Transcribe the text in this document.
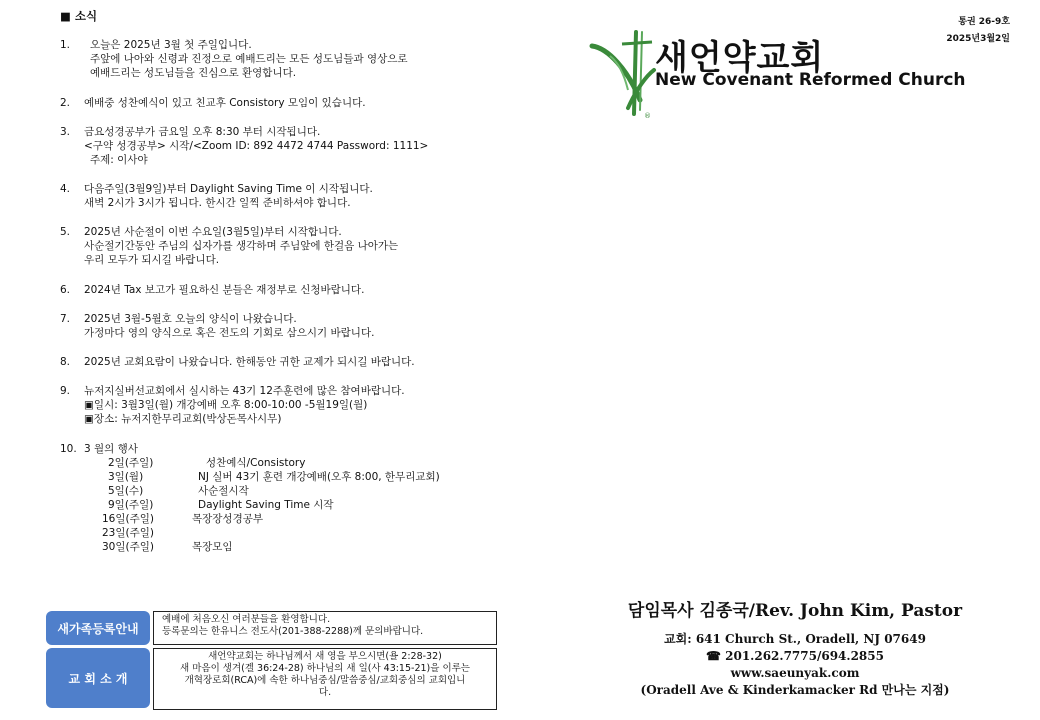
■ 소식
1. 오늘은 2025년 3월 첫 주일입니다.
주앞에 나아와 신령과 진정으로 예배드리는 모든 성도님들과 영상으로
예배드리는 성도님들을 진심으로 환영합니다.
2. 예배중 성찬예식이 있고 친교후 Consistory 모임이 있습니다.
3. 금요성경공부가 금요일 오후 8:30 부터 시작됩니다.
<구약 성경공부> 시작/<Zoom ID: 892 4472 4744 Password: 1111>
주제: 이사야
4. 다음주일(3월9일)부터 Daylight Saving Time 이 시작됩니다.
새벽 2시가 3시가 됩니다. 한시간 일찍 준비하셔야 합니다.
5. 2025년 사순절이 이번 수요일(3월5일)부터 시작합니다.
사순절기간동안 주님의 십자가를 생각하며 주님앞에 한걸음 나아가는
우리 모두가 되시길 바랍니다.
6. 2024년 Tax 보고가 필요하신 분들은 재정부로 신청바랍니다.
7. 2025년 3월-5월호 오늘의 양식이 나왔습니다.
가정마다 영의 양식으로 혹은 전도의 기회로 삼으시기 바랍니다.
8. 2025년 교회요람이 나왔습니다. 한해동안 귀한 교제가 되시길 바랍니다.
9. 뉴저지실버선교회에서 실시하는 43기 12주훈련에 많은 참여바랍니다.
▣일시: 3월3일(월) 개강예배 오후 8:00-10:00 -5월19일(월)
▣장소: 뉴저지한무리교회(박상돈목사시무)
10. 3 월의 행사
2일(주일)	성찬예식/Consistory
3일(월)	NJ 실버 43기 훈련 개강예배(오후 8:00, 한무리교회)
5일(수)	사순절시작
9일(주일)	Daylight Saving Time 시작
16일(주일)	목장장성경공부
23일(주일)
30일(주일)	목장모임
새가족등록안내
예배에 처음오신 여러분들을 환영합니다.
등록문의는 한유니스 전도사(201-388-2288)께 문의바랍니다.
교 회 소 개
새언약교회는 하나님께서 새 영을 부으시면(욜 2:28-32)
새 마음이 생겨(겔 36:24-28) 하나님의 새 일(사 43:15-21)을 이루는
개혁장로회(RCA)에 속한 하나님중심/말씀중심/교회중심의 교회입니
다.
통권 26-9호
2025년3월2일
®
새언약교회
New Covenant Reformed Church
담임목사 김종국/Rev. John Kim, Pastor
교회: 641 Church St., Oradell, NJ 07649
☎ 201.262.7775/694.2855
www.saeunyak.com
(Oradell Ave & Kinderkamacker Rd 만나는 지점)
